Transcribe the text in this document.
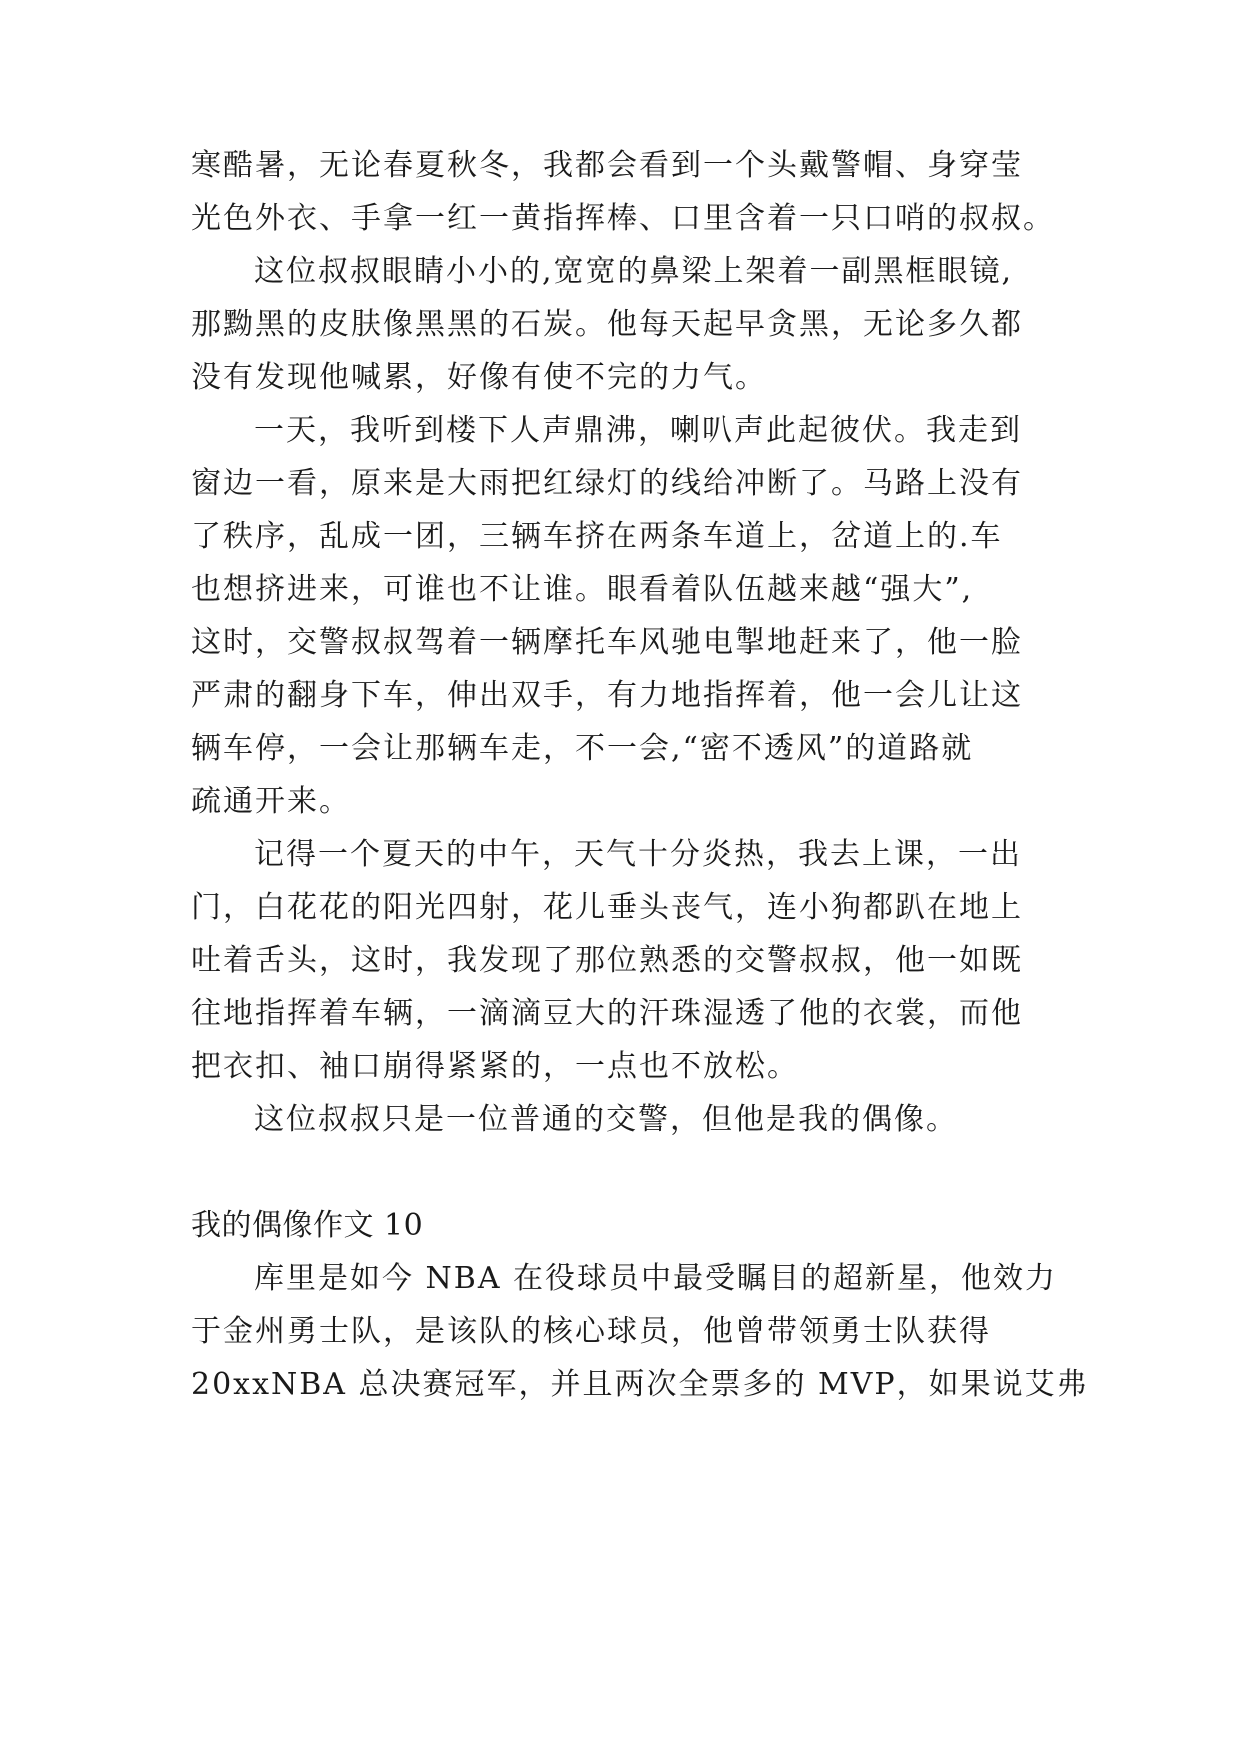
寒酷暑，无论春夏秋冬，我都会看到一个头戴警帽、身穿莹
光色外衣、手拿一红一黄指挥棒、口里含着一只口哨的叔叔。
这位叔叔眼睛小小的,宽宽的鼻梁上架着一副黑框眼镜,
那黝黑的皮肤像黑黑的石炭。他每天起早贪黑，无论多久都
没有发现他喊累，好像有使不完的力气。
一天，我听到楼下人声鼎沸，喇叭声此起彼伏。我走到
窗边一看，原来是大雨把红绿灯的线给冲断了。马路上没有
了秩序，乱成一团，三辆车挤在两条车道上，岔道上的.车
也想挤进来，可谁也不让谁。眼看着队伍越来越“强大”,
这时，交警叔叔驾着一辆摩托车风驰电掣地赶来了，他一脸
严肃的翻身下车，伸出双手，有力地指挥着，他一会儿让这
辆车停，一会让那辆车走，不一会,“密不透风”的道路就
疏通开来。
记得一个夏天的中午，天气十分炎热，我去上课，一出
门，白花花的阳光四射，花儿垂头丧气，连小狗都趴在地上
吐着舌头，这时，我发现了那位熟悉的交警叔叔，他一如既
往地指挥着车辆，一滴滴豆大的汗珠湿透了他的衣裳，而他
把衣扣、袖口崩得紧紧的，一点也不放松。
这位叔叔只是一位普通的交警，但他是我的偶像。
我的偶像作文 10
库里是如今 NBA 在役球员中最受瞩目的超新星，他效力
于金州勇士队，是该队的核心球员，他曾带领勇士队获得
20xxNBA 总决赛冠军，并且两次全票多的 MVP，如果说艾弗
